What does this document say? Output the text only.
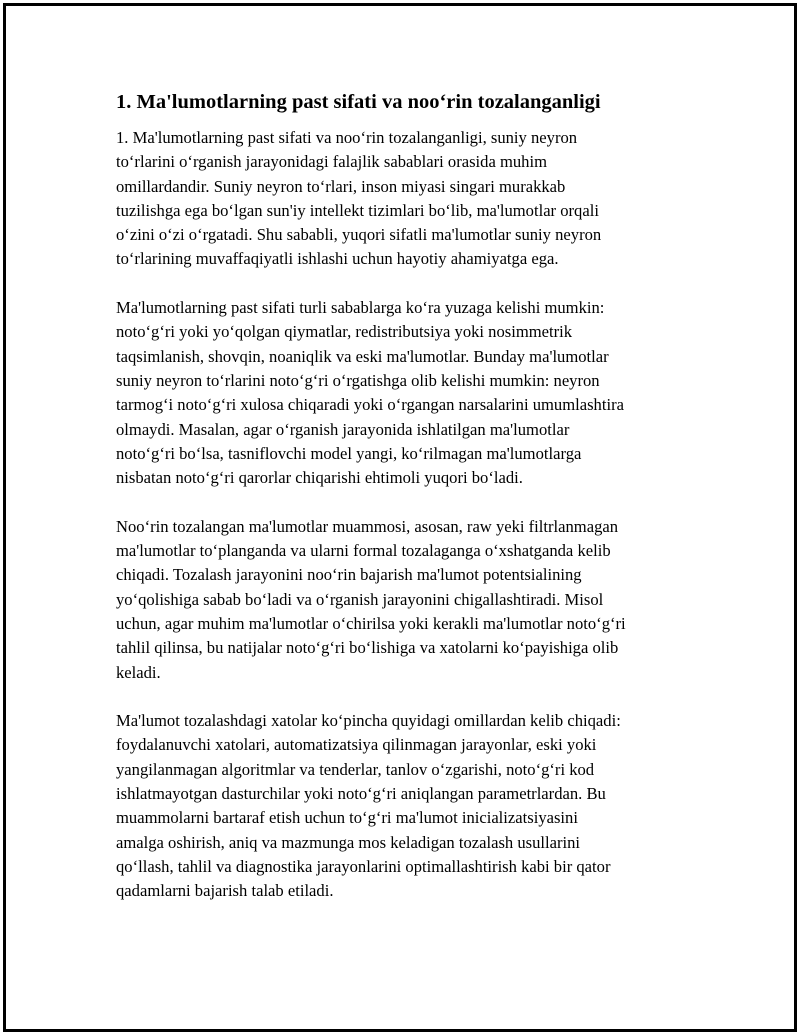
1. Ma'lumotlarning past sifati va noo‘rin tozalanganligi

1. Ma'lumotlarning past sifati va noo‘rin tozalanganligi, suniy neyron
to‘rlarini o‘rganish jarayonidagi falajlik sabablari orasida muhim
omillardandir. Suniy neyron to‘rlari, inson miyasi singari murakkab
tuzilishga ega bo‘lgan sun'iy intellekt tizimlari bo‘lib, ma'lumotlar orqali
o‘zini o‘zi o‘rgatadi. Shu sababli, yuqori sifatli ma'lumotlar suniy neyron
to‘rlarining muvaffaqiyatli ishlashi uchun hayotiy ahamiyatga ega.

Ma'lumotlarning past sifati turli sabablarga ko‘ra yuzaga kelishi mumkin:
noto‘g‘ri yoki yo‘qolgan qiymatlar, redistributsiya yoki nosimmetrik
taqsimlanish, shovqin, noaniqlik va eski ma'lumotlar. Bunday ma'lumotlar
suniy neyron to‘rlarini noto‘g‘ri o‘rgatishga olib kelishi mumkin: neyron
tarmog‘i noto‘g‘ri xulosa chiqaradi yoki o‘rgangan narsalarini umumlashtira
olmaydi. Masalan, agar o‘rganish jarayonida ishlatilgan ma'lumotlar
noto‘g‘ri bo‘lsa, tasniflovchi model yangi, ko‘rilmagan ma'lumotlarga
nisbatan noto‘g‘ri qarorlar chiqarishi ehtimoli yuqori bo‘ladi.

Noo‘rin tozalangan ma'lumotlar muammosi, asosan, raw yeki filtrlanmagan
ma'lumotlar to‘planganda va ularni formal tozalaganga o‘xshatganda kelib
chiqadi. Tozalash jarayonini noo‘rin bajarish ma'lumot potentsialining
yo‘qolishiga sabab bo‘ladi va o‘rganish jarayonini chigallashtiradi. Misol
uchun, agar muhim ma'lumotlar o‘chirilsa yoki kerakli ma'lumotlar noto‘g‘ri
tahlil qilinsa, bu natijalar noto‘g‘ri bo‘lishiga va xatolarni ko‘payishiga olib
keladi.

Ma'lumot tozalashdagi xatolar ko‘pincha quyidagi omillardan kelib chiqadi:
foydalanuvchi xatolari, automatizatsiya qilinmagan jarayonlar, eski yoki
yangilanmagan algoritmlar va tenderlar, tanlov o‘zgarishi, noto‘g‘ri kod
ishlatmayotgan dasturchilar yoki noto‘g‘ri aniqlangan parametrlardan. Bu
muammolarni bartaraf etish uchun to‘g‘ri ma'lumot inicializatsiyasini
amalga oshirish, aniq va mazmunga mos keladigan tozalash usullarini
qo‘llash, tahlil va diagnostika jarayonlarini optimallashtirish kabi bir qator
qadamlarni bajarish talab etiladi.
